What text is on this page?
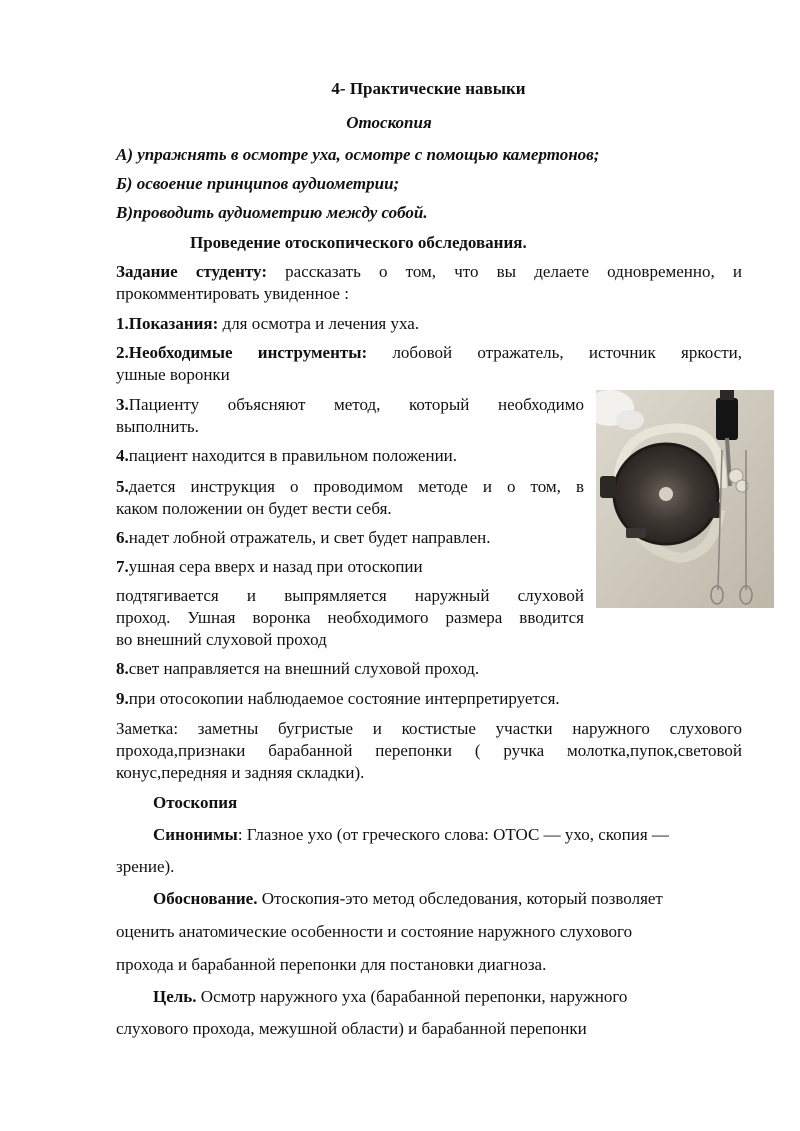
4- Практические навыки
Отоскопия
А) упражнять в осмотре уха, осмотре с помощью камертонов;
Б) освоение принципов аудиометрии;
В)проводить аудиометрию между собой.
Проведение отоскопического обследования.
Задание студенту: рассказать о том, что вы делаете одновременно, и
прокомментировать увиденное :
1.Показания: для осмотра и лечения уха.
2.Необходимые инструменты: лобовой отражатель, источник яркости,
ушные воронки
3.Пациенту объясняют метод, который необходимо
выполнить.
4.пациент находится в правильном положении.
5.дается инструкция о проводимом методе и о том, в
каком положении он будет вести себя.
6.надет лобной отражатель, и свет будет направлен.
7.ушная сера вверх и назад при отоскопии
подтягивается и выпрямляется наружный слуховой
проход. Ушная воронка необходимого размера вводится
во внешний слуховой проход
8.свет направляется на внешний слуховой проход.
9.при отосокопии наблюдаемое состояние интерпретируется.
Заметка: заметны бугристые и костистые участки наружного слухового
прохода,признаки барабанной перепонки ( ручка молотка,пупок,световой
конус,передняя и задняя складки).
Отоскопия
Синонимы: Глазное ухо (от греческого слова: ОТОС — ухо, скопия —
зрение).
Обоснование. Отоскопия-это метод обследования, который позволяет
оценить анатомические особенности и состояние наружного слухового
прохода и барабанной перепонки для постановки диагноза.
Цель. Осмотр наружного уха (барабанной перепонки, наружного
слухового прохода, межушной области) и барабанной перепонки
